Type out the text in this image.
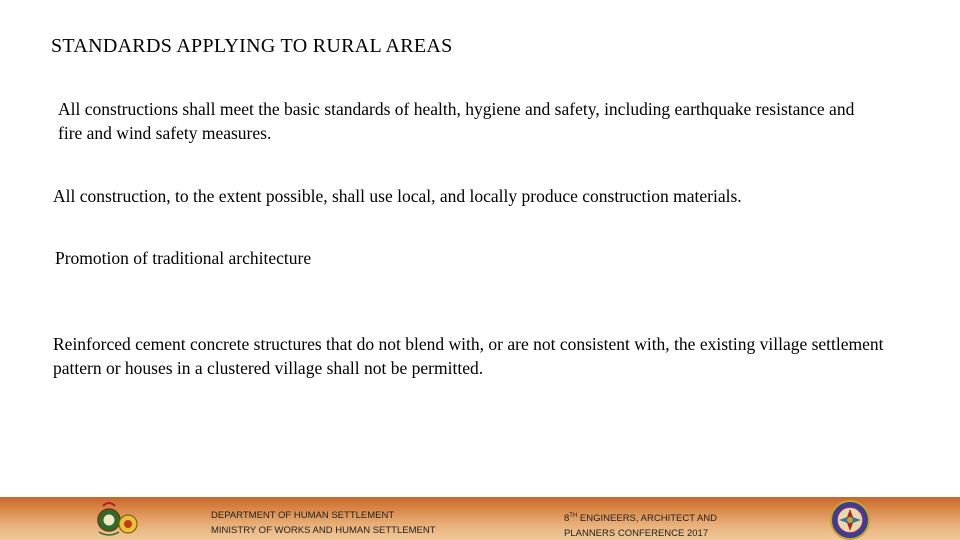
STANDARDS APPLYING TO RURAL AREAS

All constructions shall meet the basic standards of health, hygiene and safety, including earthquake resistance and fire and wind safety measures.

All construction, to the extent possible, shall use local, and locally produce construction materials.

Promotion of traditional architecture

Reinforced cement concrete structures that do not blend with, or are not consistent with, the existing village settlement pattern or houses in a clustered village shall not be permitted.

DEPARTMENT OF HUMAN SETTLEMENT
MINISTRY OF WORKS AND HUMAN SETTLEMENT
8TH ENGINEERS, ARCHITECT AND
PLANNERS CONFERENCE 2017
